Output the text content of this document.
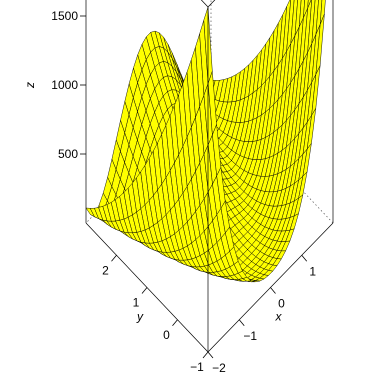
500
1000
1500
z
−1
0
1
2
y
−2
−1
0
1
x
